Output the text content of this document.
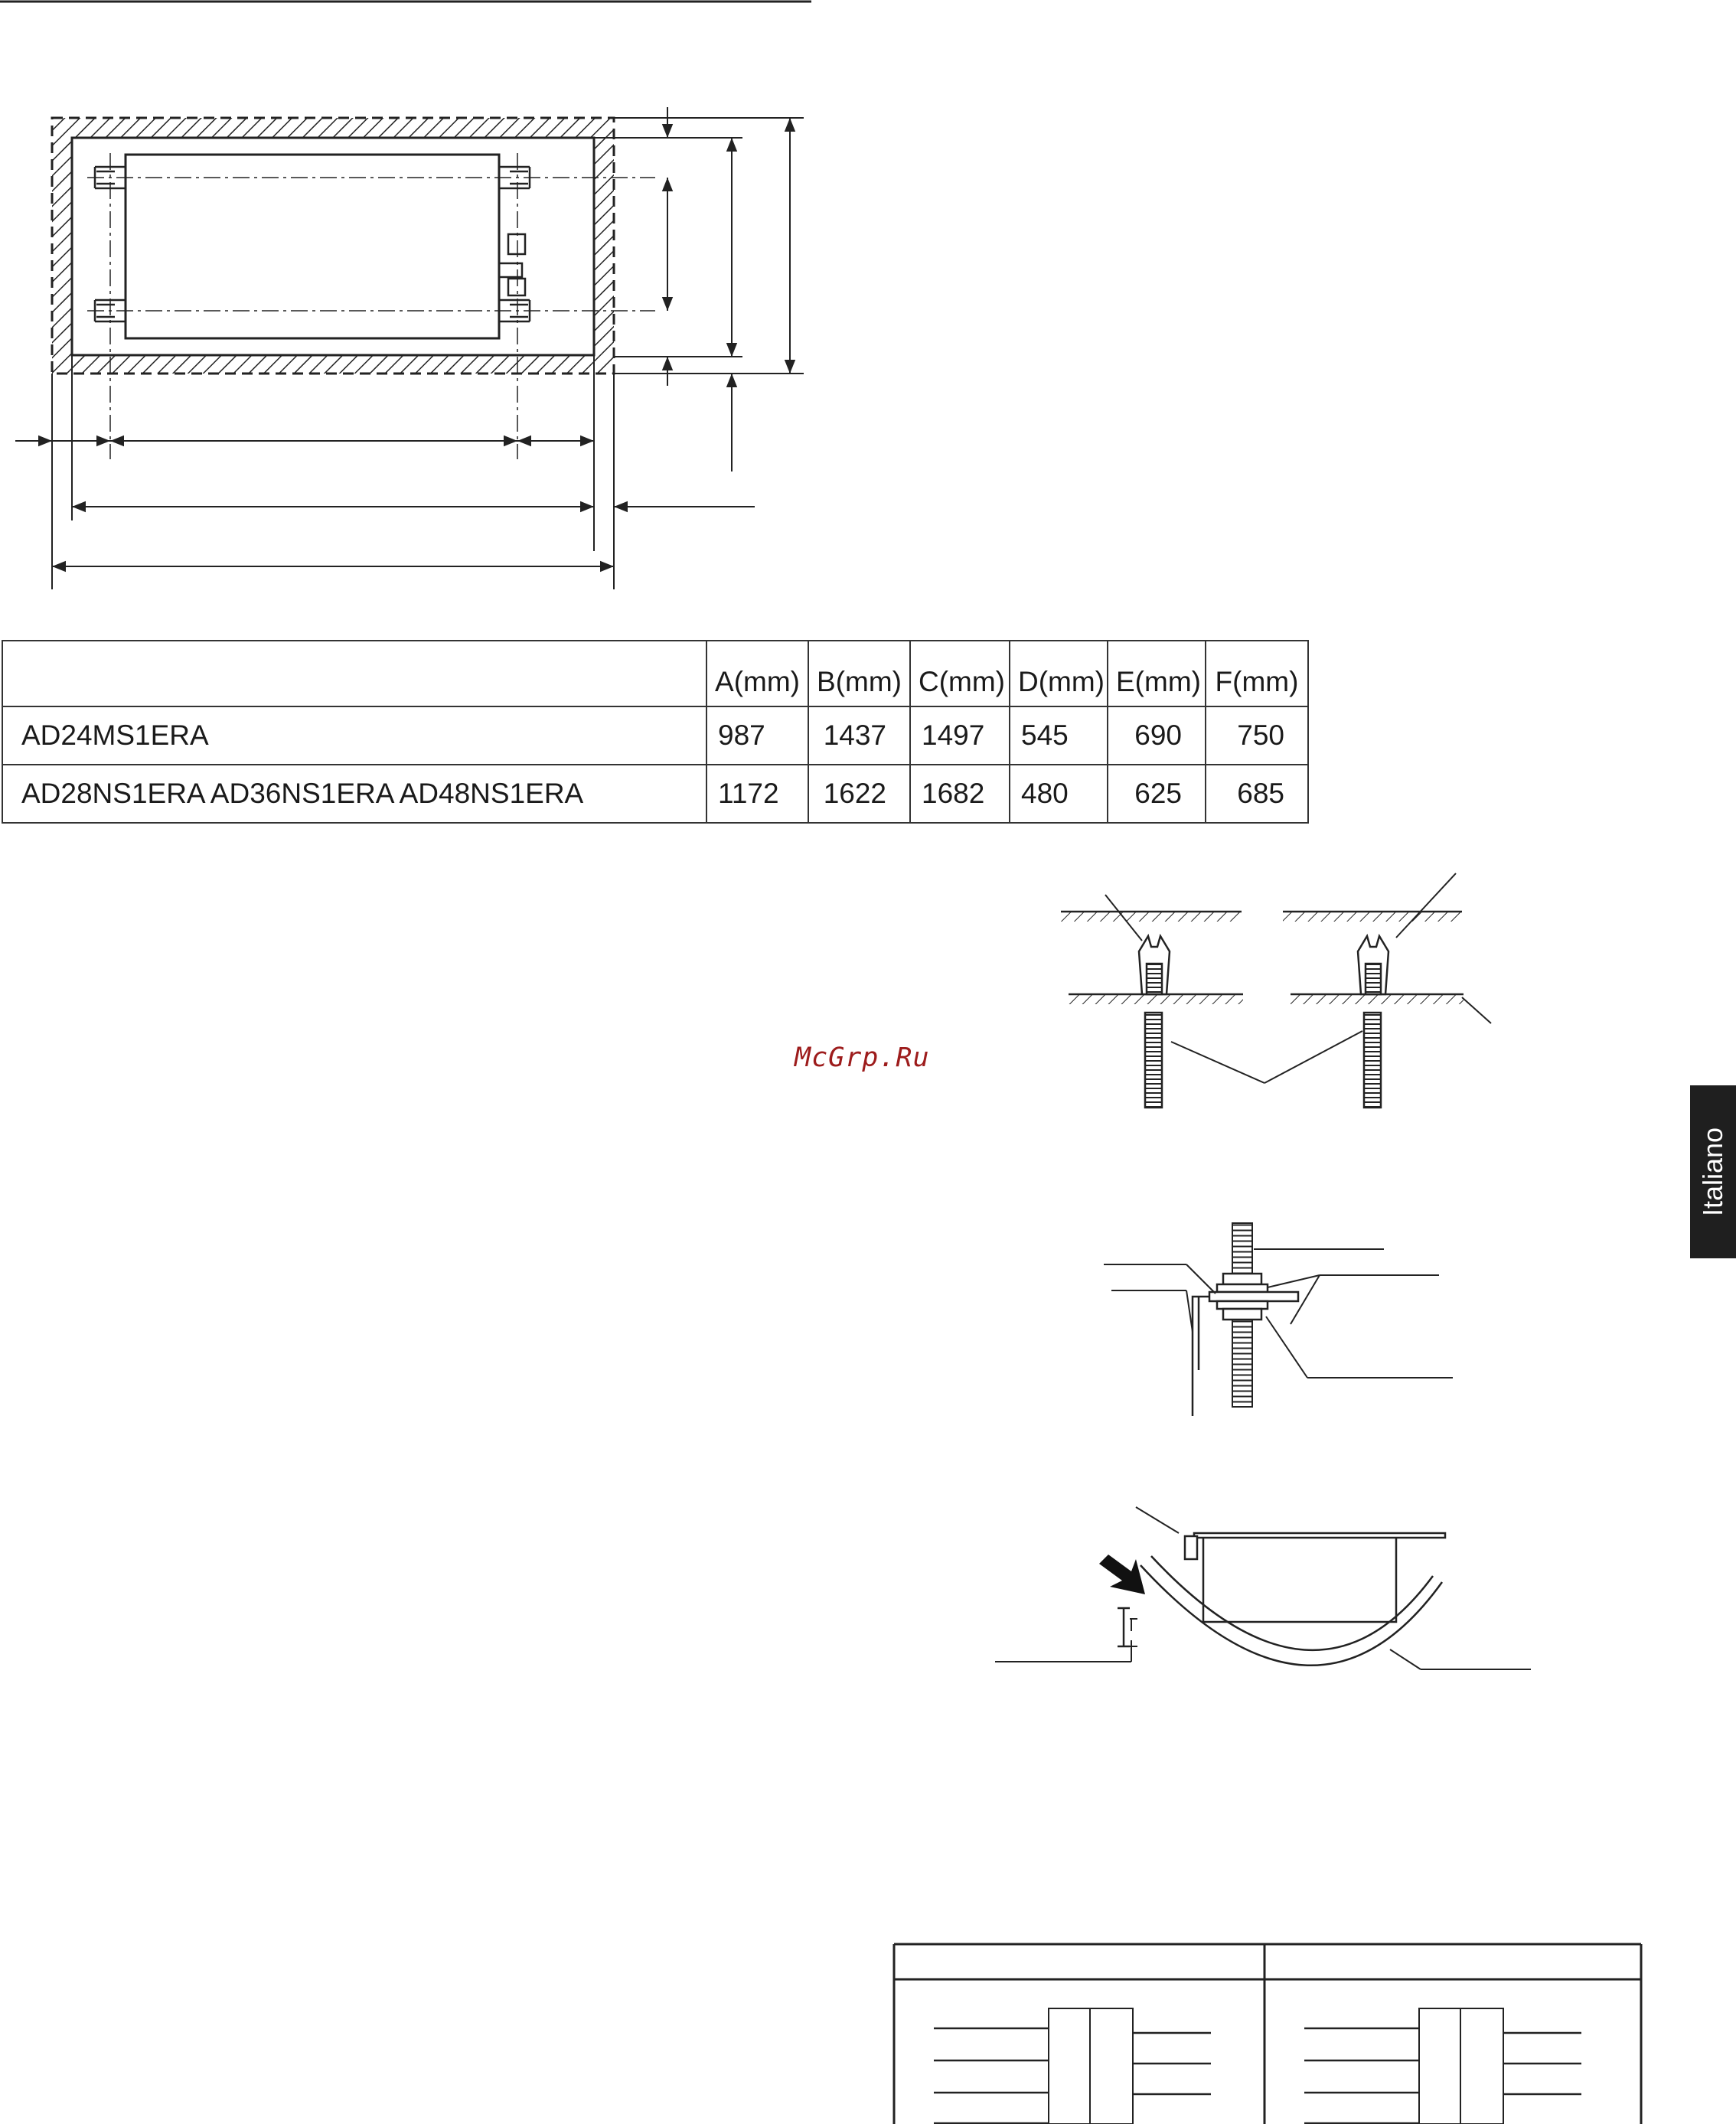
	A(mm)	B(mm)	C(mm)	D(mm)	E(mm)	F(mm)
AD24MS1ERA	987	1437	1497	545	690	750
AD28NS1ERA AD36NS1ERA AD48NS1ERA	1172	1622	1682	480	625	685
McGrp.Ru
Italiano
